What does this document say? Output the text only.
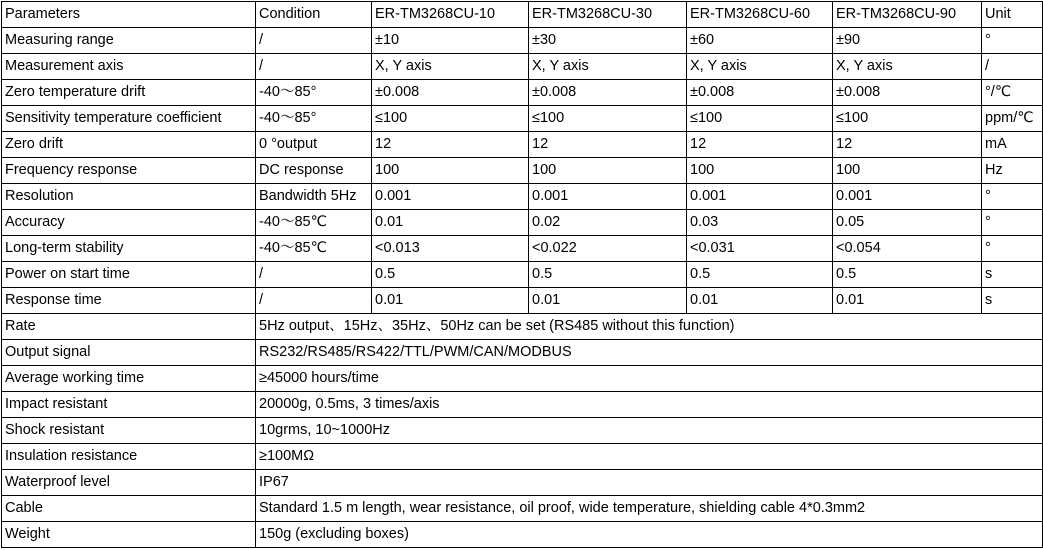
Parameters	Condition	ER-TM3268CU-10	ER-TM3268CU-30	ER-TM3268CU-60	ER-TM3268CU-90	Unit
Measuring range	/	±10	±30	±60	±90	°
Measurement axis	/	X, Y axis	X, Y axis	X, Y axis	X, Y axis	/
Zero temperature drift	-40～85°	±0.008	±0.008	±0.008	±0.008	°/℃
Sensitivity temperature coefficient	-40～85°	≤100	≤100	≤100	≤100	ppm/℃
Zero drift	0 °output	12	12	12	12	mA
Frequency response	DC response	100	100	100	100	Hz
Resolution	Bandwidth 5Hz	0.001	0.001	0.001	0.001	°
Accuracy	-40～85℃	0.01	0.02	0.03	0.05	°
Long-term stability	-40～85℃	<0.013	<0.022	<0.031	<0.054	°
Power on start time	/	0.5	0.5	0.5	0.5	s
Response time	/	0.01	0.01	0.01	0.01	s
Rate	5Hz output、15Hz、35Hz、50Hz can be set (RS485 without this function)					
Output signal	RS232/RS485/RS422/TTL/PWM/CAN/MODBUS					
Average working time	≥45000 hours/time					
Impact resistant	20000g, 0.5ms, 3 times/axis					
Shock resistant	10grms, 10~1000Hz					
Insulation resistance	≥100MΩ					
Waterproof level	IP67					
Cable	Standard 1.5 m length, wear resistance, oil proof, wide temperature, shielding cable 4*0.3mm2					
Weight	150g (excluding boxes)					
